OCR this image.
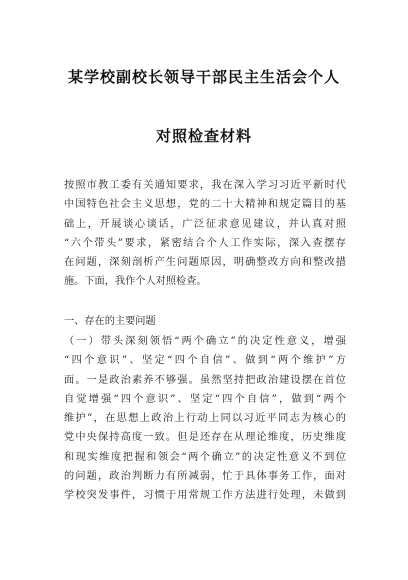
某学校副校长领导干部民主生活会个人
对照检查材料
按照市教工委有关通知要求，我在深入学习习近平新时代
中国特色社会主义思想，党的二十大精神和规定篇目的基
础上，开展谈心谈话，广泛征求意见建议，并认真对照
“六个带头”要求，紧密结合个人工作实际，深入查摆存
在问题，深刻剖析产生问题原因，明确整改方向和整改措
施。下面，我作个人对照检查。
一、存在的主要问题
（一）带头深刻领悟“两个确立”的决定性意义，增强
“四个意识”、坚定“四个自信”、做到“两个维护”方
面。一是政治素养不够强。虽然坚持把政治建设摆在首位
自觉增强“四个意识”、坚定“四个自信”，做到“两个
维护”，在思想上政治上行动上同以习近平同志为核心的
党中央保持高度一致。但是还存在从理论维度，历史维度
和现实维度把握和领会“两个确立”的决定性意义不到位
的问题，政治判断力有所减弱，忙于具体事务工作，面对
学校突发事件，习惯于用常规工作方法进行处理，未做到
